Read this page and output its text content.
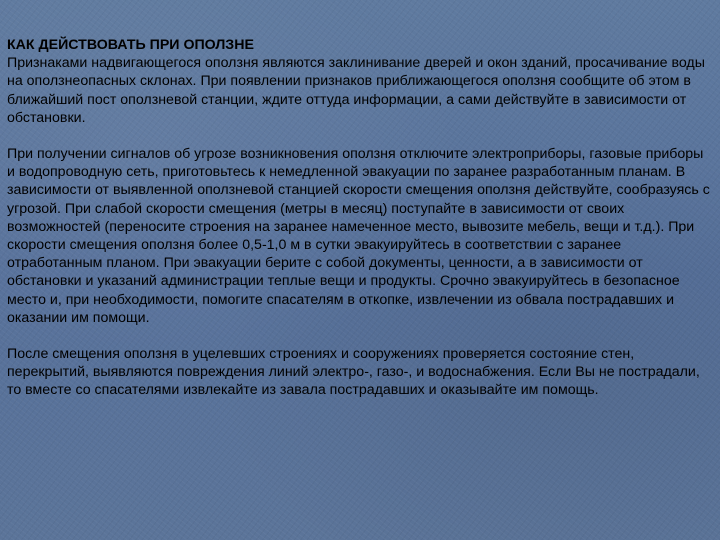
КАК ДЕЙСТВОВАТЬ ПРИ ОПОЛЗНЕ
Признаками надвигающегося оползня являются заклинивание дверей и окон зданий, просачивание воды на оползнеопасных склонах. При появлении признаков приближающегося оползня сообщите об этом в ближайший пост оползневой станции, ждите оттуда информации, а сами действуйте в зависимости от обстановки.
При получении сигналов об угрозе возникновения оползня отключите электроприборы, газовые приборы и водопроводную сеть, приготовьтесь к немедленной эвакуации по заранее разработанным планам. В зависимости от выявленной оползневой станцией скорости смещения оползня действуйте, сообразуясь с угрозой. При слабой скорости смещения (метры в месяц) поступайте в зависимости от своих возможностей (переносите строения на заранее намеченное место, вывозите мебель, вещи и т.д.). При скорости смещения оползня более 0,5-1,0 м в сутки эвакуируйтесь в соответствии с заранее отработанным планом. При эвакуации берите с собой документы, ценности, а в зависимости от обстановки и указаний администрации теплые вещи и продукты. Срочно эвакуируйтесь в безопасное место и, при необходимости, помогите спасателям в откопке, извлечении из обвала пострадавших и оказании им помощи.
После смещения оползня в уцелевших строениях и сооружениях проверяется состояние стен, перекрытий, выявляются повреждения линий электро-, газо-, и водоснабжения. Если Вы не пострадали, то вместе со спасателями извлекайте из завала пострадавших и оказывайте им помощь.
